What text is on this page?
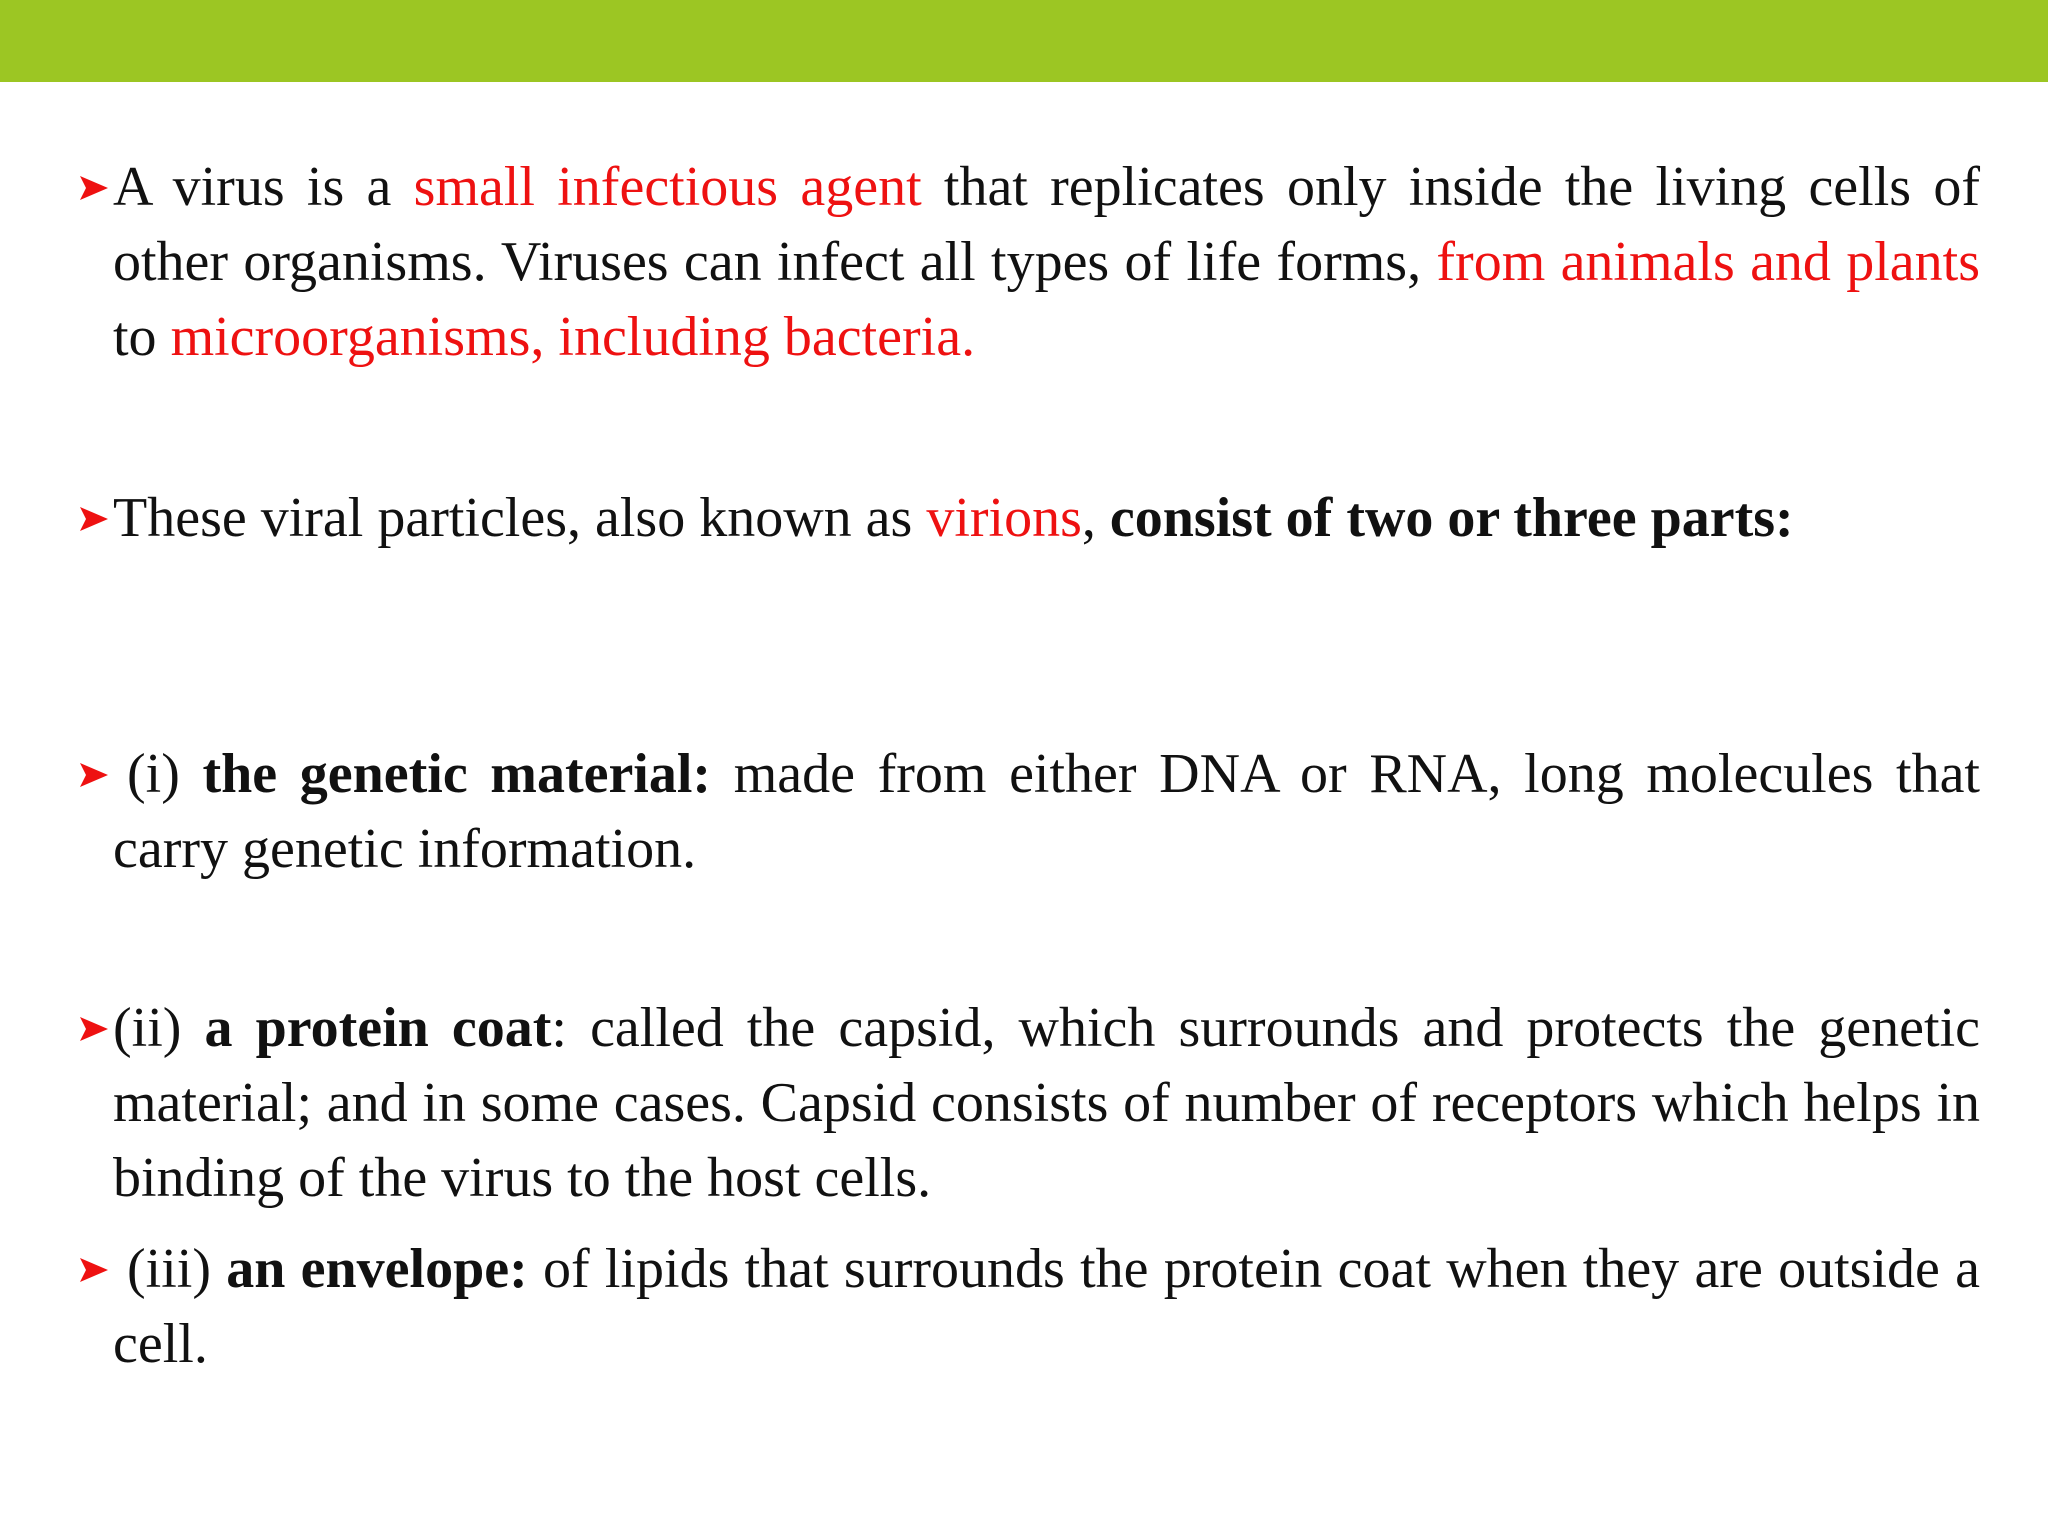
A virus is a small infectious agent that replicates only inside the living cells of other organisms. Viruses can infect all types of life forms, from animals and plants to microorganisms, including bacteria.
These viral particles, also known as virions, consist of two or three parts:
(i) the genetic material: made from either DNA or RNA, long molecules that carry genetic information.
(ii) a protein coat: called the capsid, which surrounds and protects the genetic material; and in some cases. Capsid consists of number of receptors which helps in binding of the virus to the host cells.
(iii) an envelope: of lipids that surrounds the protein coat when they are outside a cell.
